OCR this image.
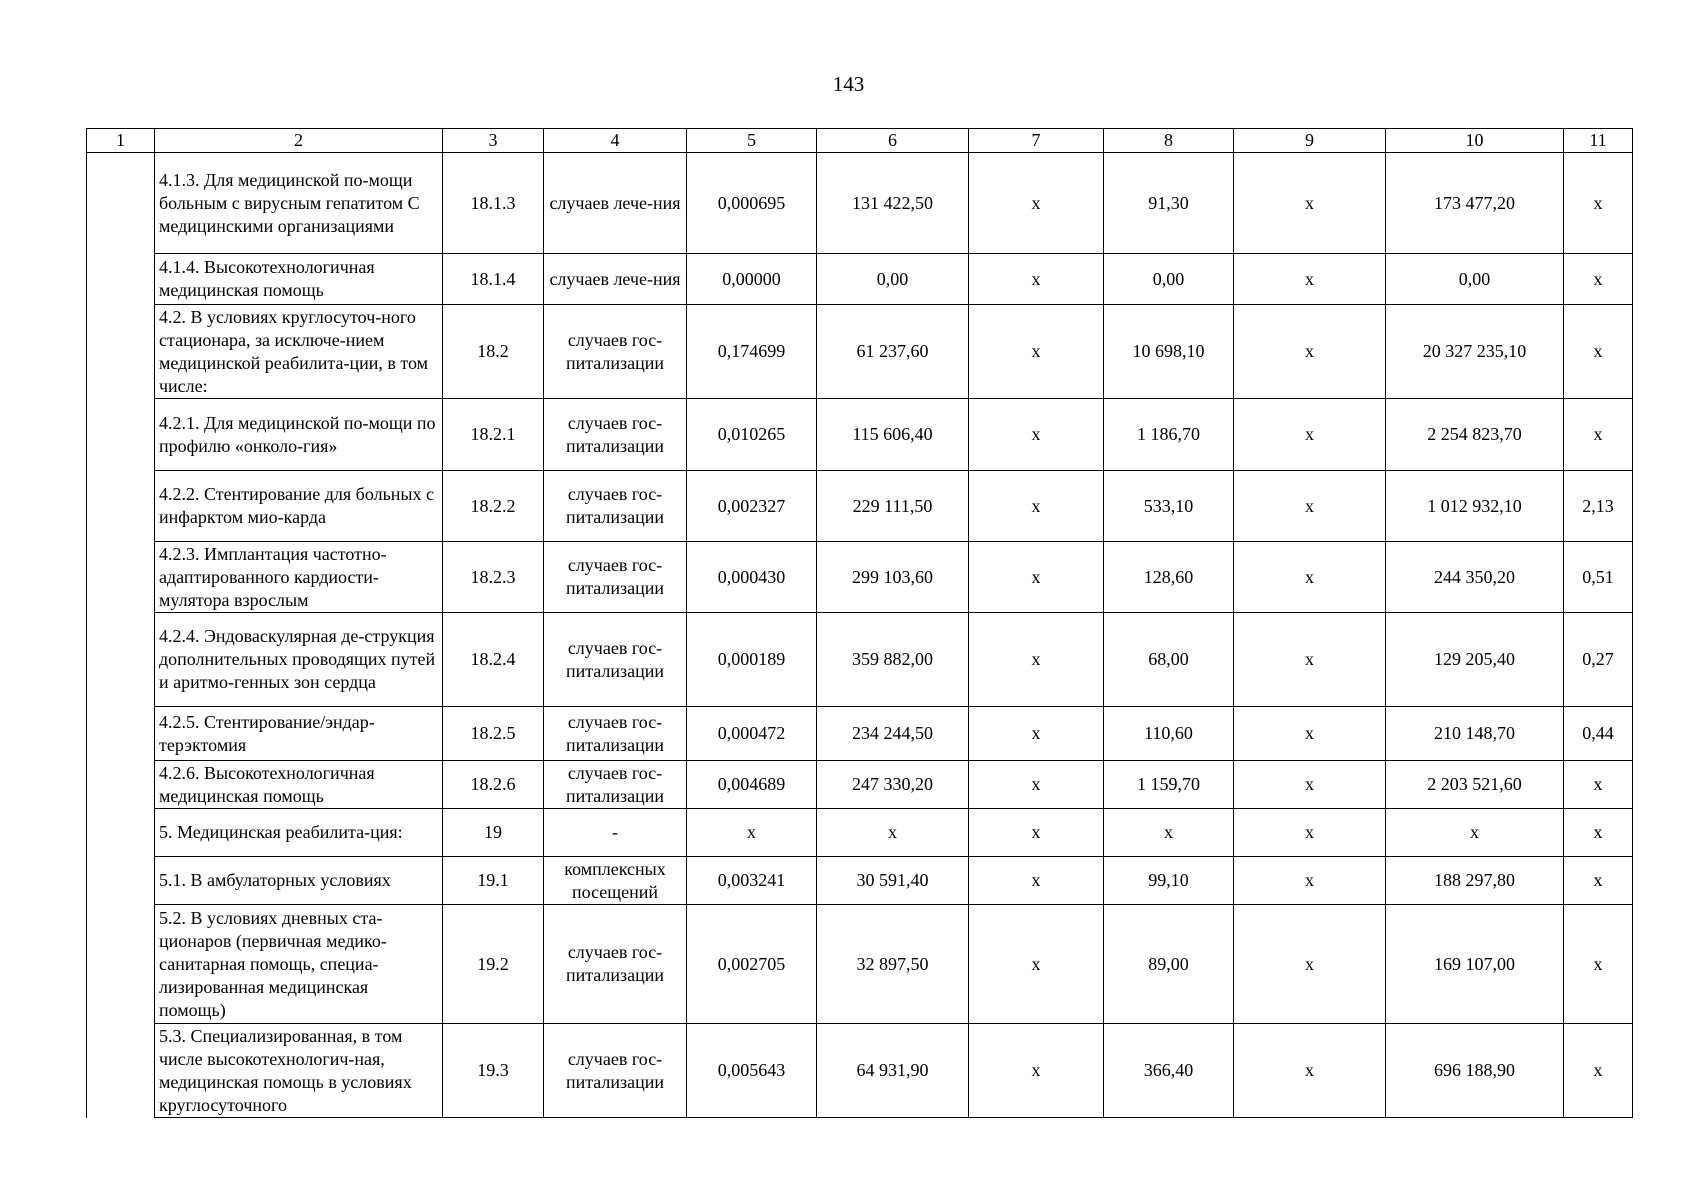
143
1	2	3	4	5	6	7	8	9	10	11
	4.1.3. Для медицинской по-мощи больным с вирусным гепатитом С медицинскими организациями	18.1.3	случаев лече-ния	0,000695	131 422,50	х	91,30	х	173 477,20	х
	4.1.4. Высокотехнологичная медицинская помощь	18.1.4	случаев лече-ния	0,00000	0,00	х	0,00	х	0,00	х
	4.2. В условиях круглосуточ-ного стационара, за исключе-нием медицинской реабилита-ции, в том числе:	18.2	случаев гос-питализации	0,174699	61 237,60	х	10 698,10	х	20 327 235,10	х
	4.2.1. Для медицинской по-мощи по профилю «онколо-гия»	18.2.1	случаев гос-питализации	0,010265	115 606,40	х	1 186,70	х	2 254 823,70	х
	4.2.2. Стентирование для больных с инфарктом мио-карда	18.2.2	случаев гос-питализации	0,002327	229 111,50	х	533,10	х	1 012 932,10	2,13
	4.2.3. Имплантация частотно-адаптированного кардиости-мулятора взрослым	18.2.3	случаев гос-питализации	0,000430	299 103,60	х	128,60	х	244 350,20	0,51
	4.2.4. Эндоваскулярная де-струкция дополнительных проводящих путей и аритмо-генных зон сердца	18.2.4	случаев гос-питализации	0,000189	359 882,00	х	68,00	х	129 205,40	0,27
	4.2.5. Стентирование/эндар-терэктомия	18.2.5	случаев гос-питализации	0,000472	234 244,50	х	110,60	х	210 148,70	0,44
	4.2.6. Высокотехнологичная медицинская помощь	18.2.6	случаев гос-питализации	0,004689	247 330,20	х	1 159,70	х	2 203 521,60	х
	5. Медицинская реабилита-ция:	19	-	х	х	х	х	х	х	х
	5.1. В амбулаторных условиях	19.1	комплексных посещений	0,003241	30 591,40	х	99,10	х	188 297,80	х
	5.2. В условиях дневных ста-ционаров (первичная медико-санитарная помощь, специа-лизированная медицинская помощь)	19.2	случаев гос-питализации	0,002705	32 897,50	х	89,00	х	169 107,00	х
	5.3. Специализированная, в том числе высокотехнологич-ная, медицинская помощь в условиях круглосуточного	19.3	случаев гос-питализации	0,005643	64 931,90	х	366,40	х	696 188,90	х
